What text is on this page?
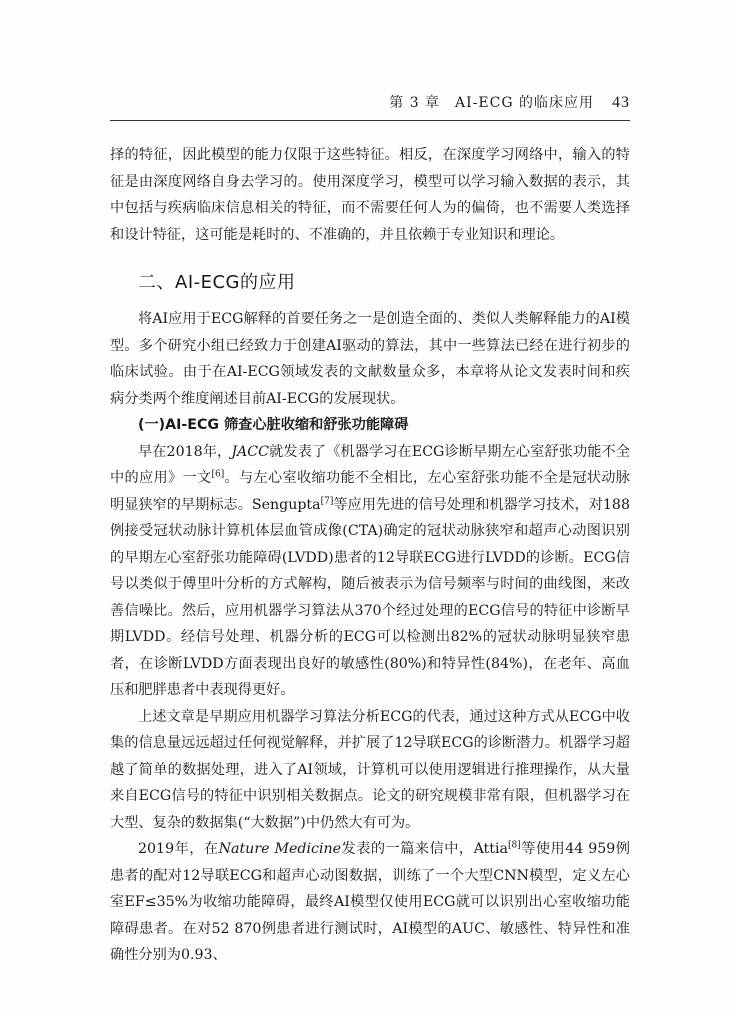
第 3 章　AI-ECG 的临床应用 43

择的特征，因此模型的能力仅限于这些特征。相反，在深度学习网络中，输入的特征是由深度网络自身去学习的。使用深度学习，模型可以学习输入数据的表示，其中包括与疾病临床信息相关的特征，而不需要任何人为的偏倚，也不需要人类选择和设计特征，这可能是耗时的、不准确的，并且依赖于专业知识和理论。

二、AI-ECG的应用

将AI应用于ECG解释的首要任务之一是创造全面的、类似人类解释能力的AI模型。多个研究小组已经致力于创建AI驱动的算法，其中一些算法已经在进行初步的临床试验。由于在AI-ECG领域发表的文献数量众多，本章将从论文发表时间和疾病分类两个维度阐述目前AI-ECG的发展现状。

(一)AI-ECG 筛查心脏收缩和舒张功能障碍

早在2018年，JACC就发表了《机器学习在ECG诊断早期左心室舒张功能不全中的应用》一文[6]。与左心室收缩功能不全相比，左心室舒张功能不全是冠状动脉明显狭窄的早期标志。Sengupta[7]等应用先进的信号处理和机器学习技术，对188例接受冠状动脉计算机体层血管成像(CTA)确定的冠状动脉狭窄和超声心动图识别的早期左心室舒张功能障碍(LVDD)患者的12导联ECG进行LVDD的诊断。ECG信号以类似于傅里叶分析的方式解构，随后被表示为信号频率与时间的曲线图，来改善信噪比。然后，应用机器学习算法从370个经过处理的ECG信号的特征中诊断早期LVDD。经信号处理、机器分析的ECG可以检测出82%的冠状动脉明显狭窄患者，在诊断LVDD方面表现出良好的敏感性(80%)和特异性(84%)，在老年、高血压和肥胖患者中表现得更好。

上述文章是早期应用机器学习算法分析ECG的代表，通过这种方式从ECG中收集的信息量远远超过任何视觉解释，并扩展了12导联ECG的诊断潜力。机器学习超越了简单的数据处理，进入了AI领域，计算机可以使用逻辑进行推理操作，从大量来自ECG信号的特征中识别相关数据点。论文的研究规模非常有限，但机器学习在大型、复杂的数据集(“大数据”)中仍然大有可为。

2019年，在Nature Medicine发表的一篇来信中，Attia[8]等使用44 959例患者的配对12导联ECG和超声心动图数据，训练了一个大型CNN模型，定义左心室EF≤35%为收缩功能障碍，最终AI模型仅使用ECG就可以识别出心室收缩功能障碍患者。在对52 870例患者进行测试时，AI模型的AUC、敏感性、特异性和准确性分别为0.93、
